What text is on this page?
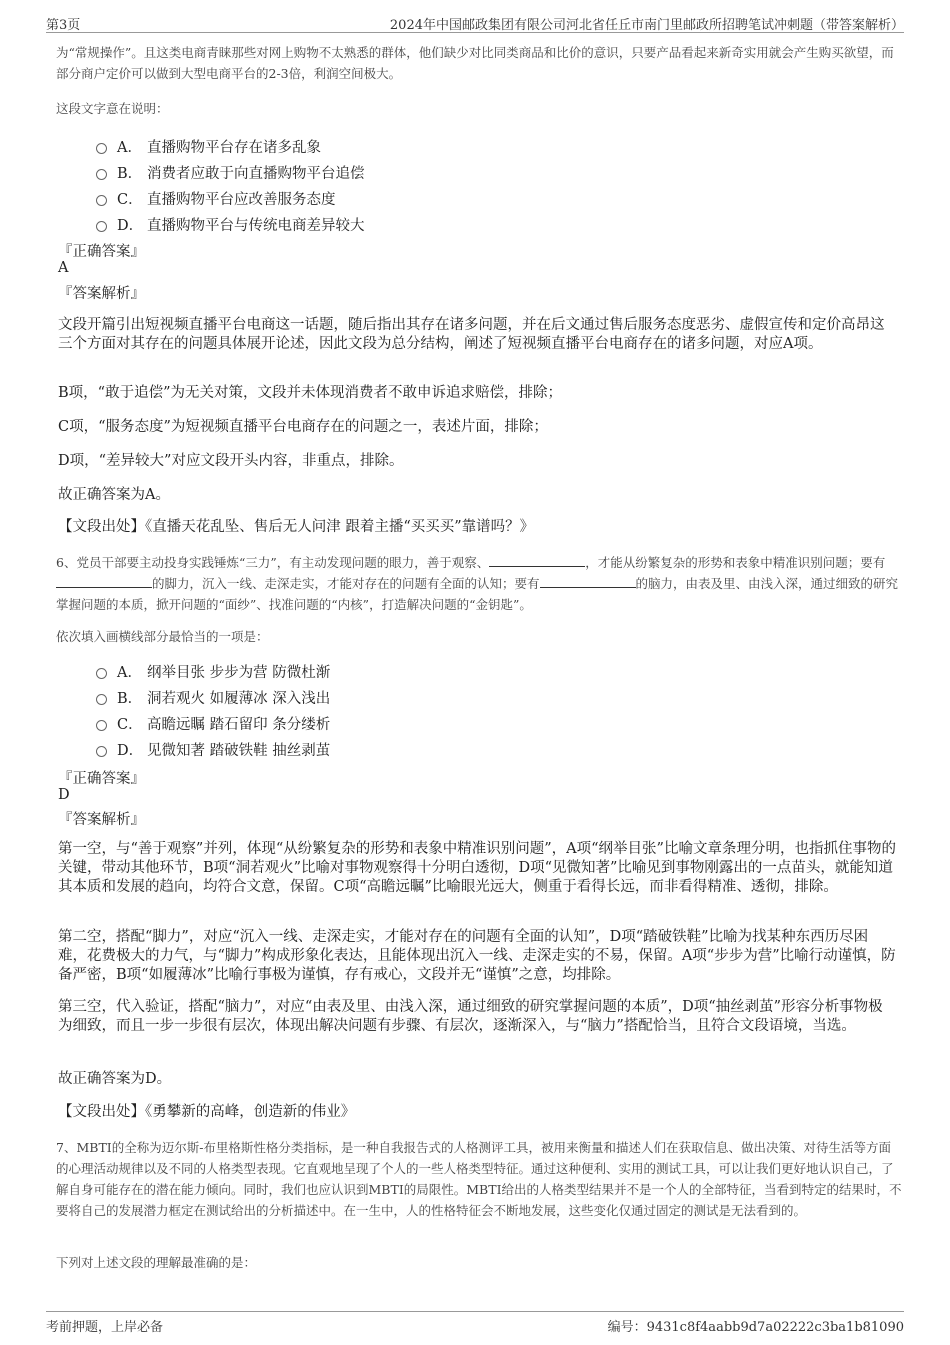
第3页	2024年中国邮政集团有限公司河北省任丘市南门里邮政所招聘笔试冲刺题（带答案解析）

为“常规操作”。且这类电商青睐那些对网上购物不太熟悉的群体，他们缺少对比同类商品和比价的意识，只要产品看起来新奇实用就会产生购买欲望，而部分商户定价可以做到大型电商平台的2-3倍，利润空间极大。

这段文字意在说明：

A． 直播购物平台存在诸多乱象
B． 消费者应敢于向直播购物平台追偿
C． 直播购物平台应改善服务态度
D． 直播购物平台与传统电商差异较大
『正确答案』
A
『答案解析』

文段开篇引出短视频直播平台电商这一话题，随后指出其存在诸多问题，并在后文通过售后服务态度恶劣、虚假宣传和定价高昂这三个方面对其存在的问题具体展开论述，因此文段为总分结构，阐述了短视频直播平台电商存在的诸多问题，对应A项。

B项，“敢于追偿”为无关对策，文段并未体现消费者不敢申诉追求赔偿，排除；

C项，“服务态度”为短视频直播平台电商存在的问题之一，表述片面，排除；

D项，“差异较大”对应文段开头内容，非重点，排除。

故正确答案为A。

【文段出处】《直播天花乱坠、售后无人问津 跟着主播“买买买”靠谱吗？》

6、党员干部要主动投身实践锤炼“三力”，有主动发现问题的眼力，善于观察、	，才能从纷繁复杂的形势和表象中精准识别问题；要有的脚力，沉入一线、走深走实，才能对存在的问题有全面的认知；要有	的脑力，由表及里、由浅入深，通过细致的研究掌握问题的本质，掀开问题的“面纱”、找准问题的“内核”，打造解决问题的“金钥匙”。

依次填入画横线部分最恰当的一项是：

A． 纲举目张 步步为营 防微杜渐
B． 洞若观火 如履薄冰 深入浅出
C． 高瞻远瞩 踏石留印 条分缕析
D． 见微知著 踏破铁鞋 抽丝剥茧
『正确答案』
D
『答案解析』

第一空，与“善于观察”并列，体现“从纷繁复杂的形势和表象中精准识别问题”，A项“纲举目张”比喻文章条理分明，也指抓住事物的关键，带动其他环节，B项“洞若观火”比喻对事物观察得十分明白透彻，D项“见微知著”比喻见到事物刚露出的一点苗头，就能知道其本质和发展的趋向，均符合文意，保留。C项“高瞻远瞩”比喻眼光远大，侧重于看得长远，而非看得精准、透彻，排除。

第二空，搭配“脚力”，对应“沉入一线、走深走实，才能对存在的问题有全面的认知”，D项“踏破铁鞋”比喻为找某种东西历尽困难，花费极大的力气，与“脚力”构成形象化表达，且能体现出沉入一线、走深走实的不易，保留。A项“步步为营”比喻行动谨慎，防备严密，B项“如履薄冰”比喻行事极为谨慎，存有戒心，文段并无“谨慎”之意，均排除。

第三空，代入验证，搭配“脑力”，对应“由表及里、由浅入深，通过细致的研究掌握问题的本质”，D项“抽丝剥茧”形容分析事物极为细致，而且一步一步很有层次，体现出解决问题有步骤、有层次，逐渐深入，与“脑力”搭配恰当，且符合文段语境，当选。

故正确答案为D。

【文段出处】《勇攀新的高峰，创造新的伟业》

7、MBTI的全称为迈尔斯-布里格斯性格分类指标，是一种自我报告式的人格测评工具，被用来衡量和描述人们在获取信息、做出决策、对待生活等方面的心理活动规律以及不同的人格类型表现。它直观地呈现了个人的一些人格类型特征。通过这种便利、实用的测试工具，可以让我们更好地认识自己，了解自身可能存在的潜在能力倾向。同时，我们也应认识到MBTI的局限性。MBTI给出的人格类型结果并不是一个人的全部特征，当看到特定的结果时，不要将自己的发展潜力框定在测试给出的分析描述中。在一生中，人的性格特征会不断地发展，这些变化仅通过固定的测试是无法看到的。

下列对上述文段的理解最准确的是：

考前押题，上岸必备	编号：9431c8f4aabb9d7a02222c3ba1b81090
